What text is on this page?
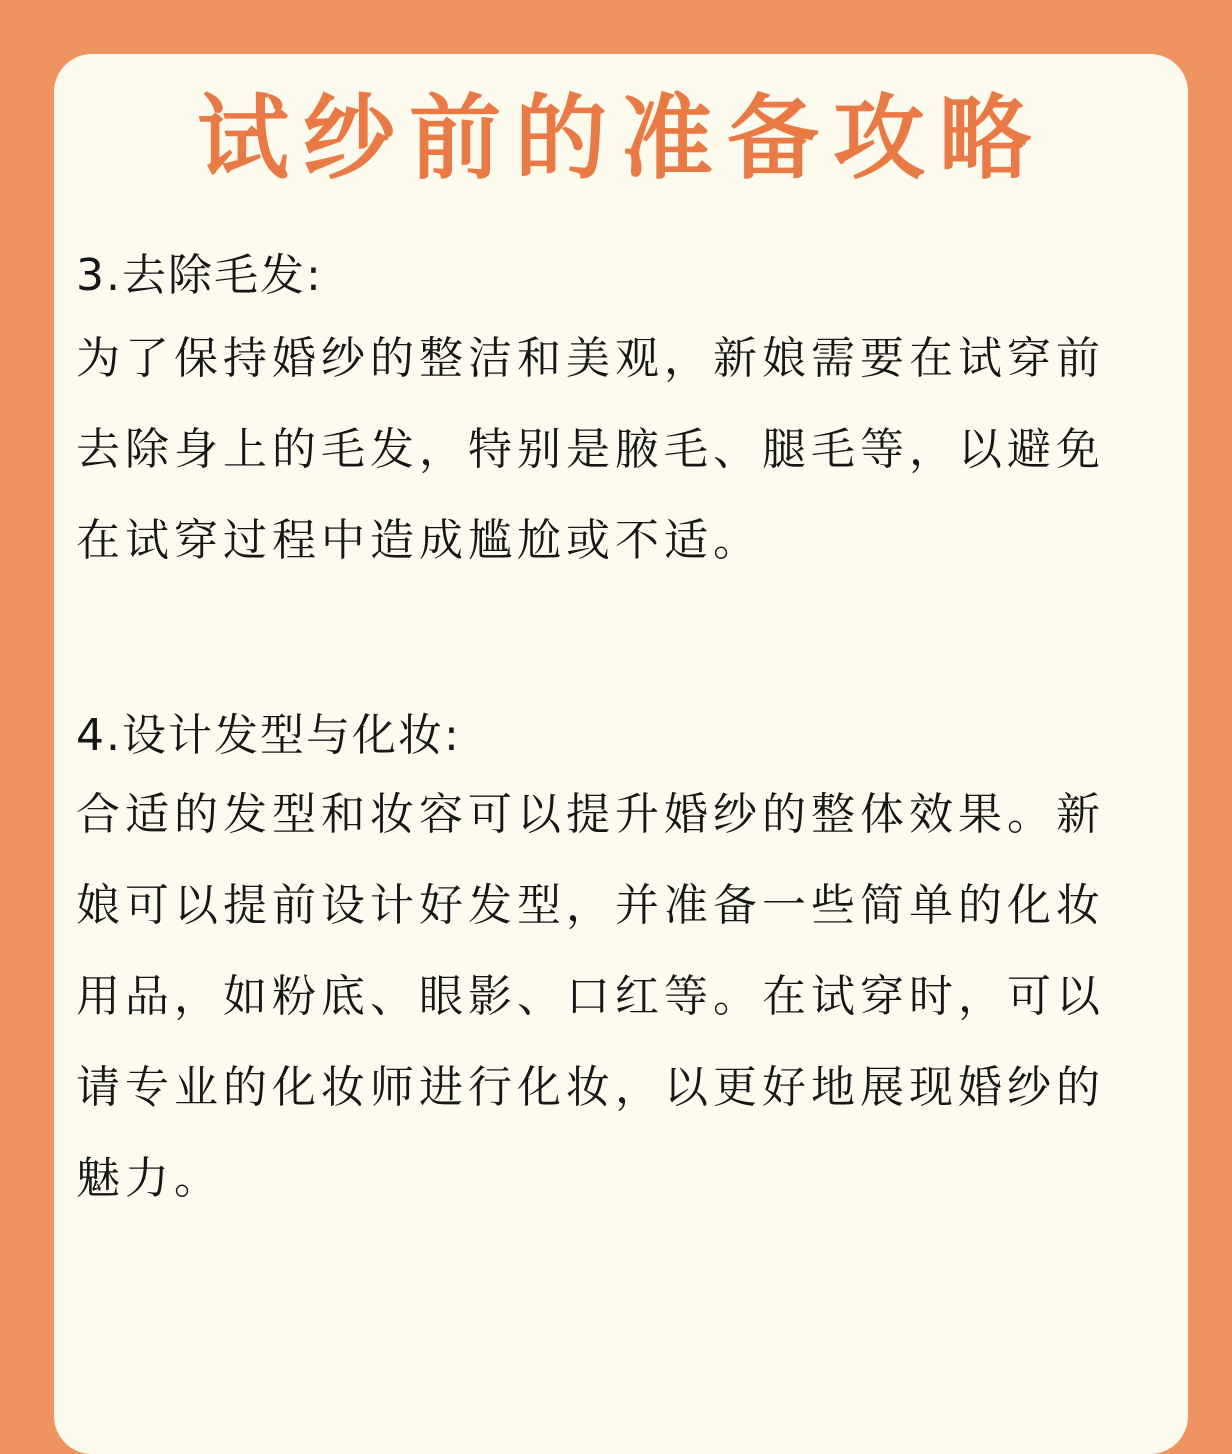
试纱前的准备攻略
3.去除毛发:

为了保持婚纱的整洁和美观，新娘需要在试穿前去除身上的毛发，特别是腋毛、腿毛等，以避免在试穿过程中造成尴尬或不适。

4.设计发型与化妆:

合适的发型和妆容可以提升婚纱的整体效果。新娘可以提前设计好发型，并准备一些简单的化妆用品，如粉底、眼影、口红等。在试穿时，可以请专业的化妆师进行化妆，以更好地展现婚纱的魅力。
